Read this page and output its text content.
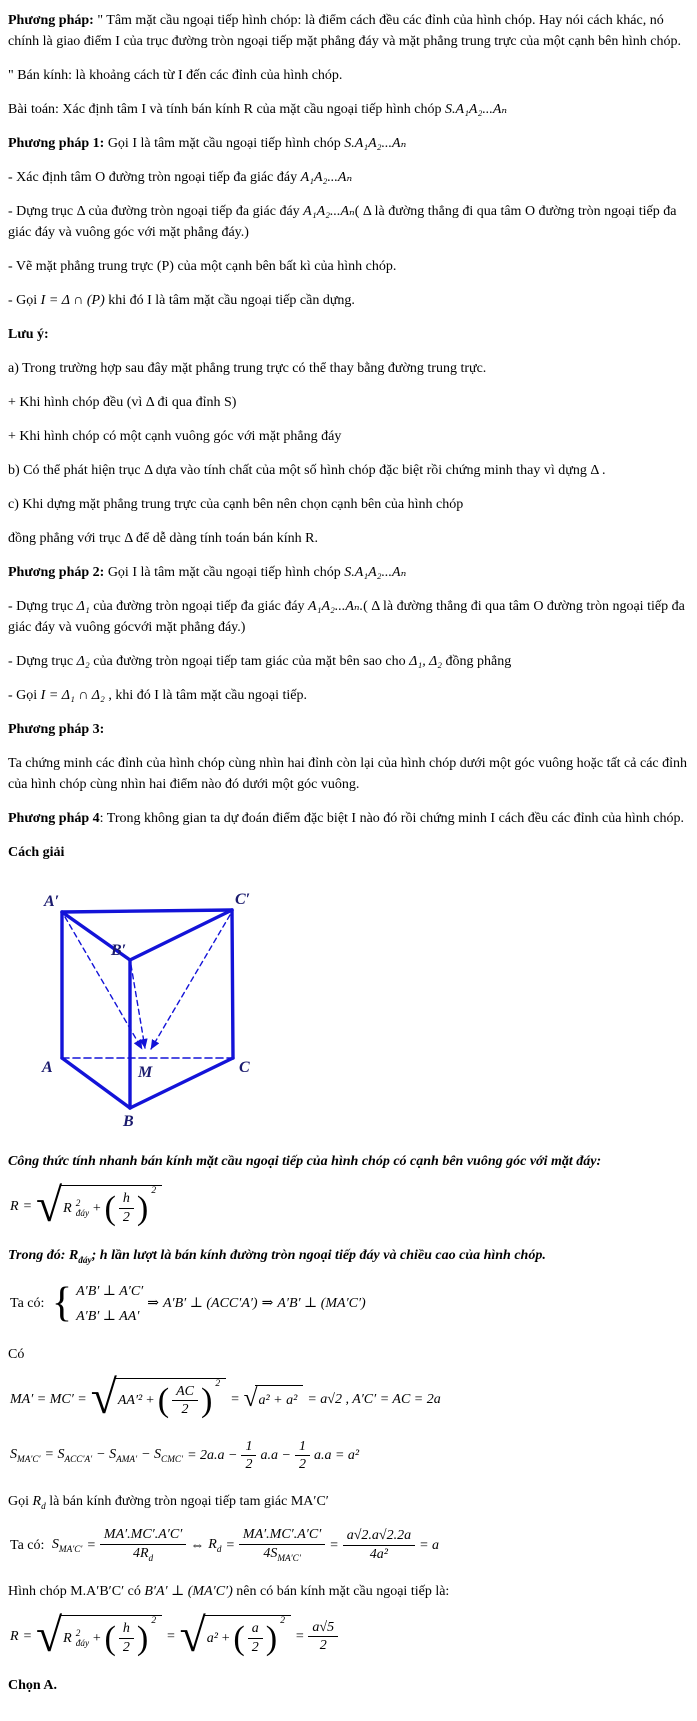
Phương pháp: " Tâm mặt cầu ngoại tiếp hình chóp: là điểm cách đều các đỉnh của hình chóp. Hay nói cách khác, nó chính là giao điểm I của trục đường tròn ngoại tiếp mặt phẳng đáy và mặt phẳng trung trực của một cạnh bên hình chóp.

" Bán kính: là khoảng cách từ I đến các đỉnh của hình chóp.

Bài toán: Xác định tâm I và tính bán kính R của mặt cầu ngoại tiếp hình chóp S.A₁A₂...Aₙ

Phương pháp 1: Gọi I là tâm mặt cầu ngoại tiếp hình chóp S.A₁A₂...Aₙ

- Xác định tâm O đường tròn ngoại tiếp đa giác đáy A₁A₂...Aₙ

- Dựng trục Δ của đường tròn ngoại tiếp đa giác đáy A₁A₂...Aₙ( Δ là đường thẳng đi qua tâm O đường tròn ngoại tiếp đa giác đáy và vuông góc với mặt phẳng đáy.)

- Vẽ mặt phẳng trung trực (P) của một cạnh bên bất kì của hình chóp.

- Gọi I = Δ ∩ (P) khi đó I là tâm mặt cầu ngoại tiếp cần dựng.

Lưu ý:

a) Trong trường hợp sau đây mặt phẳng trung trực có thể thay bằng đường trung trực.

+ Khi hình chóp đều (vì Δ đi qua đỉnh S)

+ Khi hình chóp có một cạnh vuông góc với mặt phẳng đáy

b) Có thể phát hiện trục Δ dựa vào tính chất của một số hình chóp đặc biệt rồi chứng minh thay vì dựng Δ .

c) Khi dựng mặt phẳng trung trực của cạnh bên nên chọn cạnh bên của hình chóp

đồng phẳng với trục Δ để dễ dàng tính toán bán kính R.

Phương pháp 2: Gọi I là tâm mặt cầu ngoại tiếp hình chóp S.A₁A₂...Aₙ

- Dựng trục Δ₁ của đường tròn ngoại tiếp đa giác đáy A₁A₂...Aₙ.( Δ là đường thẳng đi qua tâm O đường tròn ngoại tiếp đa giác đáy và vuông gócvới mặt phẳng đáy.)

- Dựng trục Δ₂ của đường tròn ngoại tiếp tam giác của mặt bên sao cho Δ₁, Δ₂ đồng phẳng

- Gọi I = Δ₁ ∩ Δ₂ , khi đó I là tâm mặt cầu ngoại tiếp.

Phương pháp 3:

Ta chứng minh các đỉnh của hình chóp cùng nhìn hai đỉnh còn lại của hình chóp dưới một góc vuông hoặc tất cả các đỉnh của hình chóp cùng nhìn hai điểm nào đó dưới một góc vuông.

Phương pháp 4: Trong không gian ta dự đoán điểm đặc biệt I nào đó rồi chứng minh I cách đều các đỉnh của hình chóp.

Cách giải

A′	C′
B′
A	C
B
M

Công thức tính nhanh bán kính mặt cầu ngoại tiếp của hình chóp có cạnh bên vuông góc với mặt đáy:

R = √ R 2
đáy + ( $\frac{h}{2}$ ) 2

Trong đó: $R_{đáy}$; h lần lượt là bán kính đường tròn ngoại tiếp đáy và chiều cao của hình chóp.

Ta có: { A′B′ ⊥ A′C′
A′B′ ⊥ AA′
⇒ A′B′ ⊥ (ACC′A′) ⇒ A′B′ ⊥ (MA′C′)

Có

MA′ = MC′ = √ AA′² + ( $\frac{AC}{2}$ ) 2
= √ a² + a² = a√2 , A′C′ = AC = 2a
$S_{MA'C'} = S_{ACC'A'} - S_{AMA'} - S_{CMC'} = 2a.a - \frac{1}{2} a.a - \frac{1}{2} a.a = a^2$

Gọi $R_d$ là bán kính đường tròn ngoại tiếp tam giác MA′C′

Ta có: $S_{MA'C'} = \frac{MA'.MC'.A'C'}{4R_d}$ ⇔ $R_d = \frac{MA'.MC'.A'C'}{4S_{MA'C'}} = \frac{a√2.a√2.2a}{\text{4a²}} = a$

Hình chóp M.A′B′C′ có B′A′ ⊥ (MA′C′) nên có bán kính mặt cầu ngoại tiếp là:

R = √ R 2
đáy + ( $\frac{h}{2}$ ) 2
= √ a² + ( $\frac{a}{2}$ ) 2
= $\frac{a√5}{2}$

Chọn A.
